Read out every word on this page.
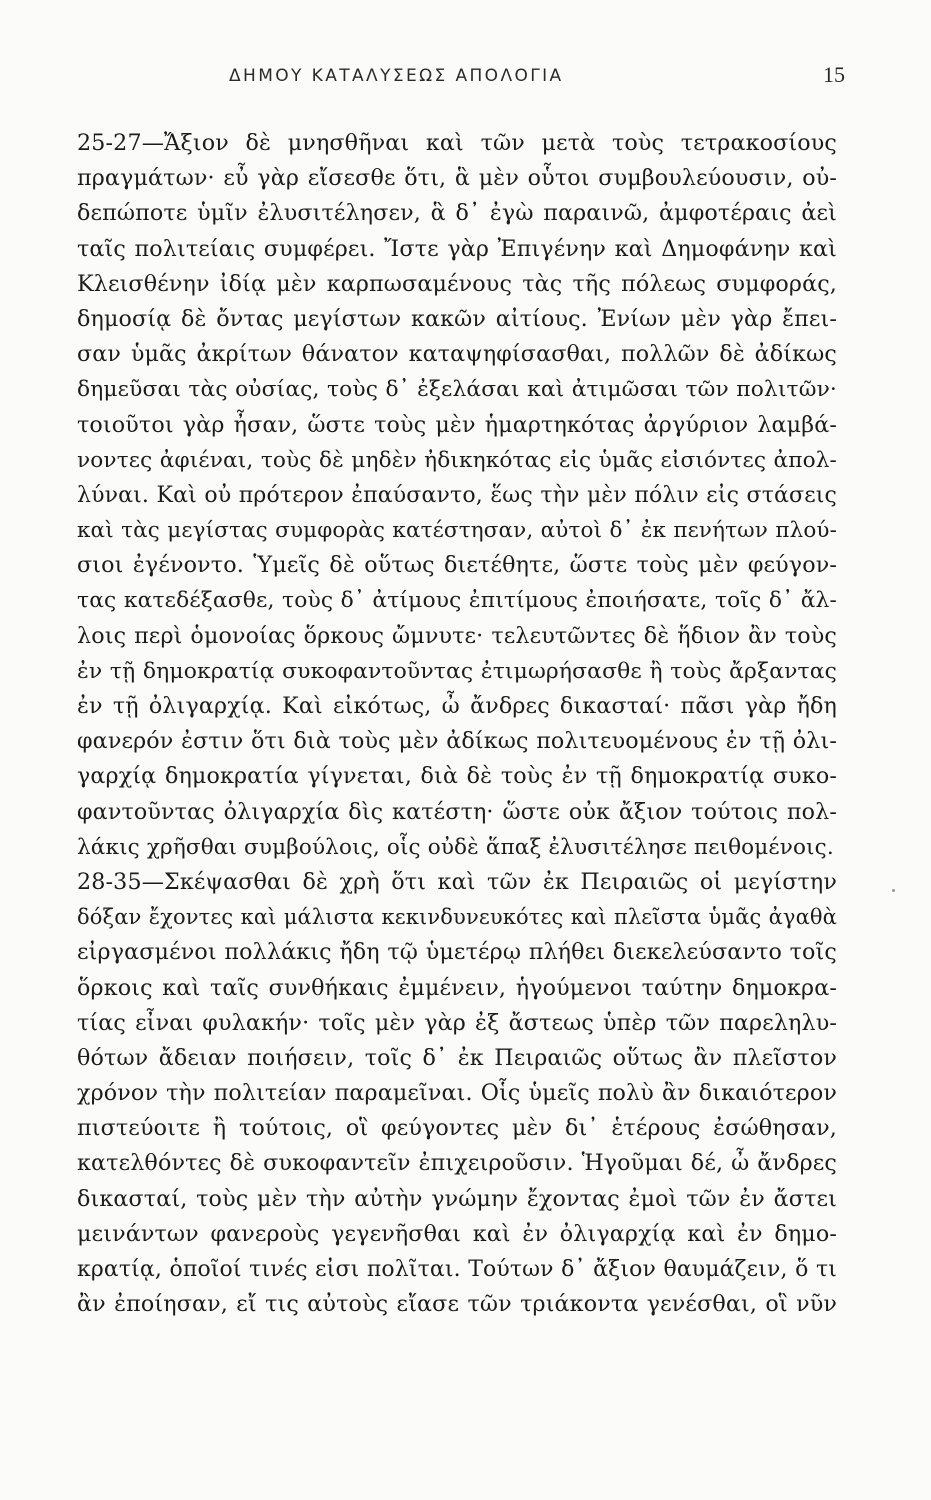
ΔΗΜΟΥ ΚΑΤΑΛΥΣΕΩΣ ΑΠΟΛΟΓΙΑ	15
25-27—Ἄξιον δὲ μνησθῆναι καὶ τῶν μετὰ τοὺς τετρακοσίους
πραγμάτων· εὖ γὰρ εἴσεσθε ὅτι, ἃ μὲν οὗτοι συμβουλεύουσιν, οὐ-
δεπώποτε ὑμῖν ἐλυσιτέλησεν, ἃ δ᾿ ἐγὼ παραινῶ, ἀμφοτέραις ἀεὶ
ταῖς πολιτείαις συμφέρει. Ἴστε γὰρ Ἐπιγένην καὶ Δημοφάνην καὶ
Κλεισθένην ἰδίᾳ μὲν καρπωσαμένους τὰς τῆς πόλεως συμφοράς,
δημοσίᾳ δὲ ὄντας μεγίστων κακῶν αἰτίους. Ἐνίων μὲν γὰρ ἔπει-
σαν ὑμᾶς ἀκρίτων θάνατον καταψηφίσασθαι, πολλῶν δὲ ἀδίκως
δημεῦσαι τὰς οὐσίας, τοὺς δ᾿ ἐξελάσαι καὶ ἀτιμῶσαι τῶν πολιτῶν·
τοιοῦτοι γὰρ ἦσαν, ὥστε τοὺς μὲν ἡμαρτηκότας ἀργύριον λαμβά-
νοντες ἀφιέναι, τοὺς δὲ μηδὲν ἠδικηκότας εἰς ὑμᾶς εἰσιόντες ἀπολ-
λύναι. Καὶ οὐ πρότερον ἐπαύσαντο, ἕως τὴν μὲν πόλιν εἰς στάσεις
καὶ τὰς μεγίστας συμφορὰς κατέστησαν, αὐτοὶ δ᾿ ἐκ πενήτων πλού-
σιοι ἐγένοντο. Ὑμεῖς δὲ οὕτως διετέθητε, ὥστε τοὺς μὲν φεύγον-
τας κατεδέξασθε, τοὺς δ᾿ ἀτίμους ἐπιτίμους ἐποιήσατε, τοῖς δ᾿ ἄλ-
λοις περὶ ὁμονοίας ὅρκους ὤμνυτε· τελευτῶντες δὲ ἥδιον ἂν τοὺς
ἐν τῇ δημοκρατίᾳ συκοφαντοῦντας ἐτιμωρήσασθε ἢ τοὺς ἄρξαντας
ἐν τῇ ὀλιγαρχίᾳ. Καὶ εἰκότως, ὦ ἄνδρες δικασταί· πᾶσι γὰρ ἤδη
φανερόν ἐστιν ὅτι διὰ τοὺς μὲν ἀδίκως πολιτευομένους ἐν τῇ ὀλι-
γαρχίᾳ δημοκρατία γίγνεται, διὰ δὲ τοὺς ἐν τῇ δημοκρατίᾳ συκο-
φαντοῦντας ὀλιγαρχία δὶς κατέστη· ὥστε οὐκ ἄξιον τούτοις πολ-
λάκις χρῆσθαι συμβούλοις, οἷς οὐδὲ ἅπαξ ἐλυσιτέλησε πειθομένοις.
28-35—Σκέψασθαι δὲ χρὴ ὅτι καὶ τῶν ἐκ Πειραιῶς οἱ μεγίστην
δόξαν ἔχοντες καὶ μάλιστα κεκινδυνευκότες καὶ πλεῖστα ὑμᾶς ἀγαθὰ
εἰργασμένοι πολλάκις ἤδη τῷ ὑμετέρῳ πλήθει διεκελεύσαντο τοῖς
ὅρκοις καὶ ταῖς συνθήκαις ἐμμένειν, ἡγούμενοι ταύτην δημοκρα-
τίας εἶναι φυλακήν· τοῖς μὲν γὰρ ἐξ ἄστεως ὑπὲρ τῶν παρεληλυ-
θότων ἄδειαν ποιήσειν, τοῖς δ᾿ ἐκ Πειραιῶς οὕτως ἂν πλεῖστον
χρόνον τὴν πολιτείαν παραμεῖναι. Οἷς ὑμεῖς πολὺ ἂν δικαιότερον
πιστεύοιτε ἢ τούτοις, οἳ φεύγοντες μὲν δι᾿ ἑτέρους ἐσώθησαν,
κατελθόντες δὲ συκοφαντεῖν ἐπιχειροῦσιν. Ἡγοῦμαι δέ, ὦ ἄνδρες
δικασταί, τοὺς μὲν τὴν αὐτὴν γνώμην ἔχοντας ἐμοὶ τῶν ἐν ἄστει
μεινάντων φανεροὺς γεγενῆσθαι καὶ ἐν ὀλιγαρχίᾳ καὶ ἐν δημο-
κρατίᾳ, ὁποῖοί τινές εἰσι πολῖται. Τούτων δ᾿ ἄξιον θαυμάζειν, ὅ τι
ἂν ἐποίησαν, εἴ τις αὐτοὺς εἴασε τῶν τριάκοντα γενέσθαι, οἳ νῦν
